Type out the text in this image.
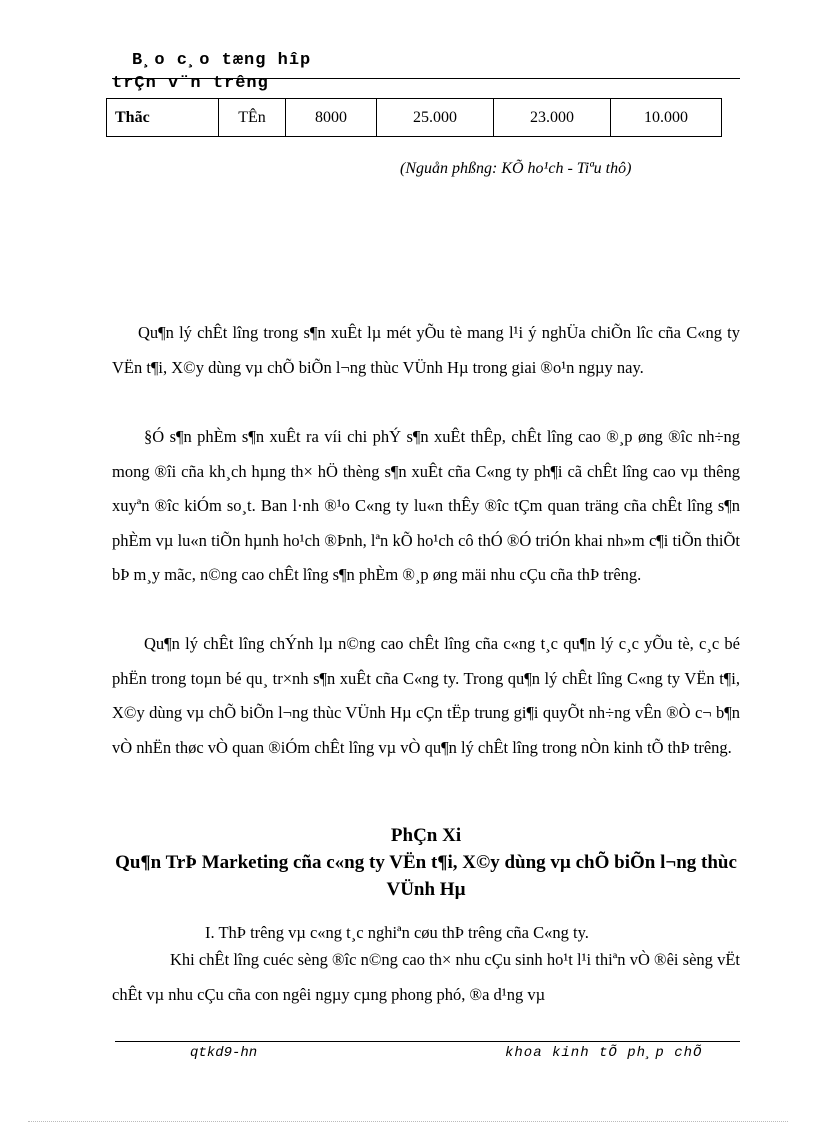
B¸o c¸o tæng hîp
trÇn v¨n trêng
Thãc	TÊn	8000	25.000	23.000	10.000
(Nguån phßng: KÕ ho¹ch - Tiªu thô)

Qu¶n lý chÊt lîng trong s¶n xuÊt lµ mét yÕu tè mang l¹i ý nghÜa chiÕn lîc cña C«ng ty VËn t¶i, X©y dùng vµ chÕ biÕn l¬ng thùc VÜnh Hµ trong giai ®o¹n ngµy nay.

§Ó s¶n phÈm s¶n xuÊt ra víi chi phÝ s¶n xuÊt thÊp, chÊt lîng cao ®¸p øng ®îc nh÷ng mong ®îi cña kh¸ch hµng th× hÖ thèng s¶n xuÊt cña C«ng ty ph¶i cã chÊt lîng cao vµ thêng xuyªn ®îc kiÓm so¸t. Ban l·nh ®¹o C«ng ty lu«n thÊy ®îc tÇm quan träng cña chÊt lîng s¶n phÈm vµ lu«n tiÕn hµnh ho¹ch ®Þnh, lªn kÕ ho¹ch cô thÓ ®Ó triÓn khai nh»m c¶i tiÕn thiÕt bÞ m¸y mãc, n©ng cao chÊt lîng s¶n phÈm ®¸p øng mäi nhu cÇu cña thÞ trêng.

Qu¶n lý chÊt lîng chÝnh lµ n©ng cao chÊt lîng cña c«ng t¸c qu¶n lý c¸c yÕu tè, c¸c bé phËn trong toµn bé qu¸ tr×nh s¶n xuÊt cña C«ng ty. Trong qu¶n lý chÊt lîng C«ng ty VËn t¶i, X©y dùng vµ chÕ biÕn l¬ng thùc VÜnh Hµ cÇn tËp trung gi¶i quyÕt nh÷ng vÊn ®Ò c¬ b¶n vÒ nhËn thøc vÒ quan ®iÓm chÊt lîng vµ vÒ qu¶n lý chÊt lîng trong nÒn kinh tÕ thÞ trêng.

PhÇn Xi
Qu¶n TrÞ Marketing cña c«ng ty VËn t¶i, X©y dùng vµ chÕ biÕn l¬ng thùc VÜnh Hµ
I. ThÞ trêng vµ c«ng t¸c nghiªn cøu thÞ trêng cña C«ng ty.

Khi chÊt lîng cuéc sèng ®îc n©ng cao th× nhu cÇu sinh ho¹t l¹i thiªn vÒ ®êi sèng vËt chÊt vµ nhu cÇu cña con ngêi ngµy cµng phong phó, ®a d¹ng vµ

qtkd9-hn	khoa kinh tÕ ph¸p chÕ
